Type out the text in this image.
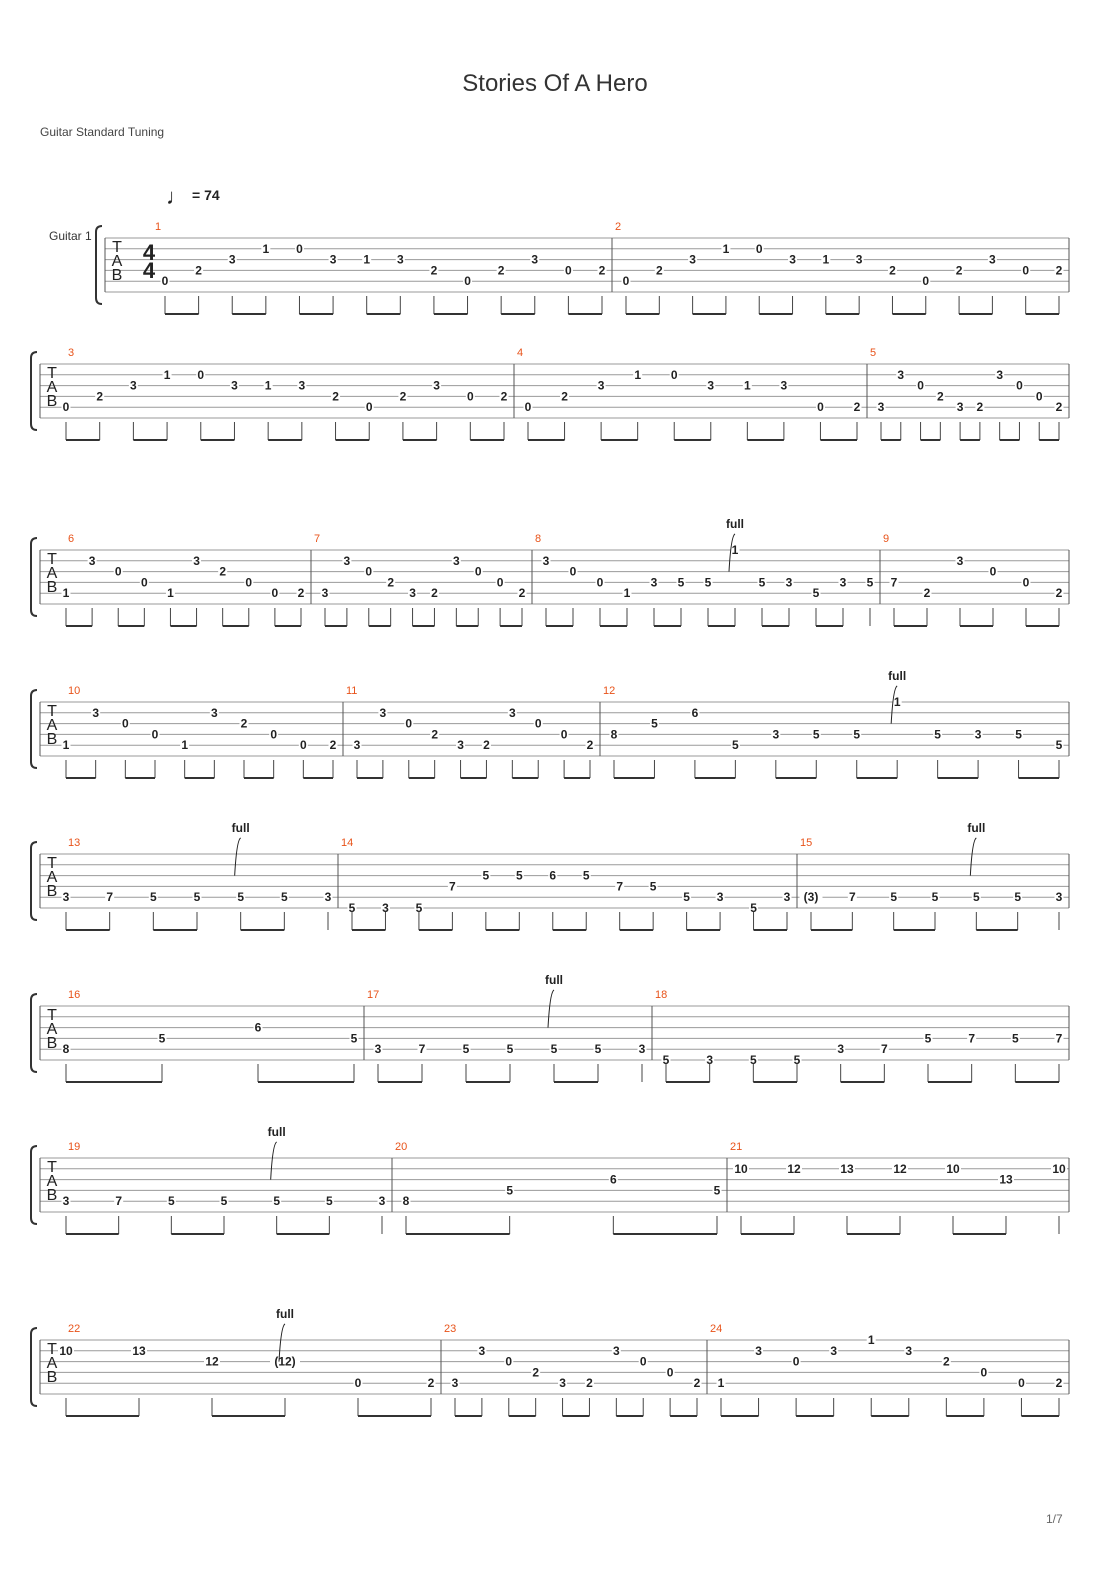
Stories Of A Hero
Guitar Standard Tuning
♩ = 74
Guitar 1
T
A
B
4
4
1
0
2
3
1 0
3 1 3
2
0
2
3
0 2
2
0
2
3
1 0
3 1 3
2
0
2
3
0 2
T
A
B
3
0
2
3
1 0
3 1 3
2
0
2
3
0 2
4
0
2
3
1 0
3 1 3
0 2
5
3
3
0
2
3 2
3
0
0
2
T
A
B
6
1
3
0
0
1
3
2
0
0 2
7
3
3
0
2
3 2
3
0
0
2
8
3
0
0
1
3 5 5
1
5 3
5
3 5
full
9
7
2
3
0
0
2
T
A
B
10
1
3
0
0
1
3
2
0
0 2
11
3
3
0
2
3 2
3
0
0
2
12
8
5
6
5
3	5	5
1
5	3	5
5
full
T
A
B
13
3	7	5	5	5	5	3
full
14
5 3 5
7
5 5 6 5
7 5
5 3
5
3
15
(3)	7	5	5	5	5	3
full
T
A
B
16
8
5
6
5
17
3	7	5	5	5	5	3
full
18
5	3	5	5
3	7
5	7	5	7
T
A
B
19
3	7	5	5	5	5	3
full
20
8
5
6
5
21
10	12	13	12	10
13
10
T
A
B
22
10	13
12	(12)
0	2
full
23
3
3
0
2
3 2
3
0
0
2
24
1
3
0
3
1
3
2
0
0	2
1/7
